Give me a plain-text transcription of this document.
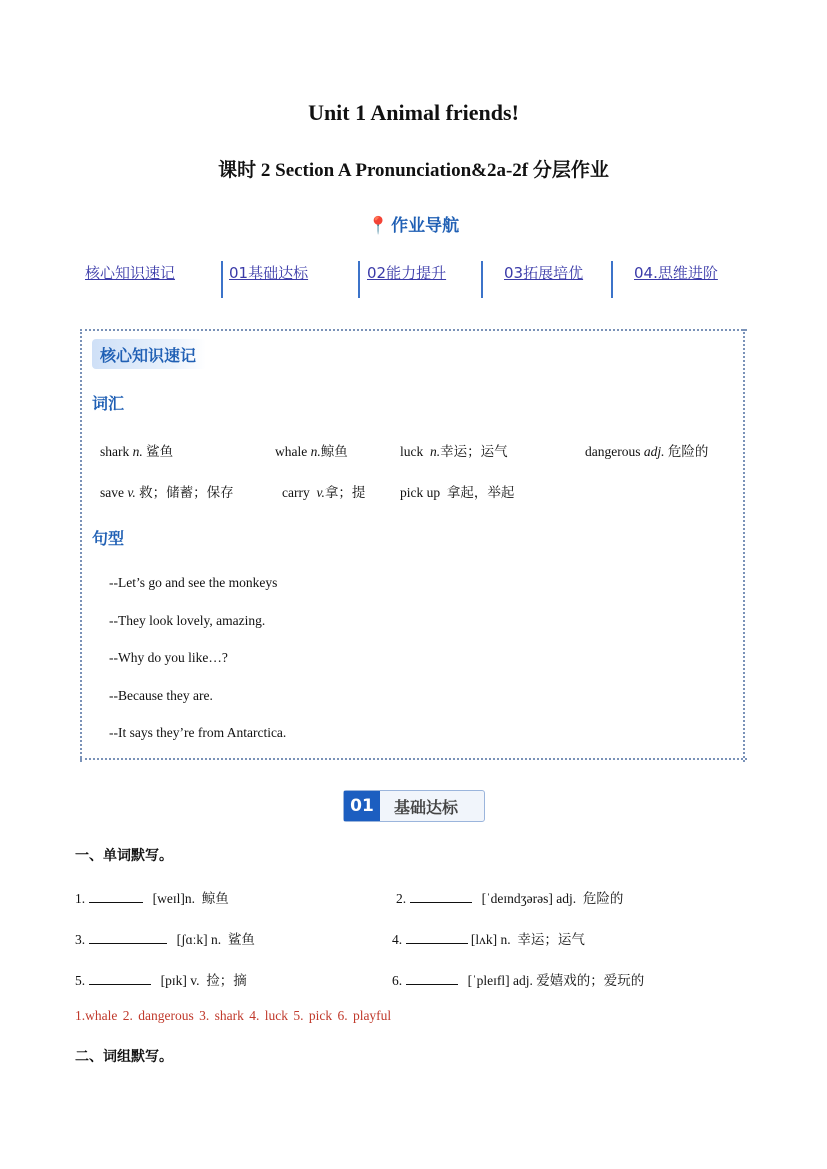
Unit 1 Animal friends!
课时 2 Section A Pronunciation&2a-2f 分层作业
📍 作业导航
核心知识速记	01基础达标	02能力提升	03拓展培优	04.思维进阶
核心知识速记
词汇
shark n. 鲨鱼	whale n.鲸鱼	luck n.幸运；运气	dangerous adj. 危险的
save v. 救；储蓄；保存	carry v.拿；提	pick up 拿起，举起
句型
--Let’s go and see the monkeys
--They look lovely, amazing.
--Why do you like…?
--Because they are.
--It says they’re from Antarctica.
01	基础达标
一、单词默写。
1.	[weɪl]n. 鲸鱼	2.	[ˈdeɪndʒərəs] adj. 危险的
3.	[ʃɑːk] n. 鲨鱼	4.	[lʌk] n. 幸运；运气
5.	[pɪk] v. 捡；摘	6.	[ˈpleɪfl] adj. 爱嬉戏的；爱玩的
1.whale 2. dangerous 3. shark 4. luck 5. pick 6. playful
二、词组默写。
